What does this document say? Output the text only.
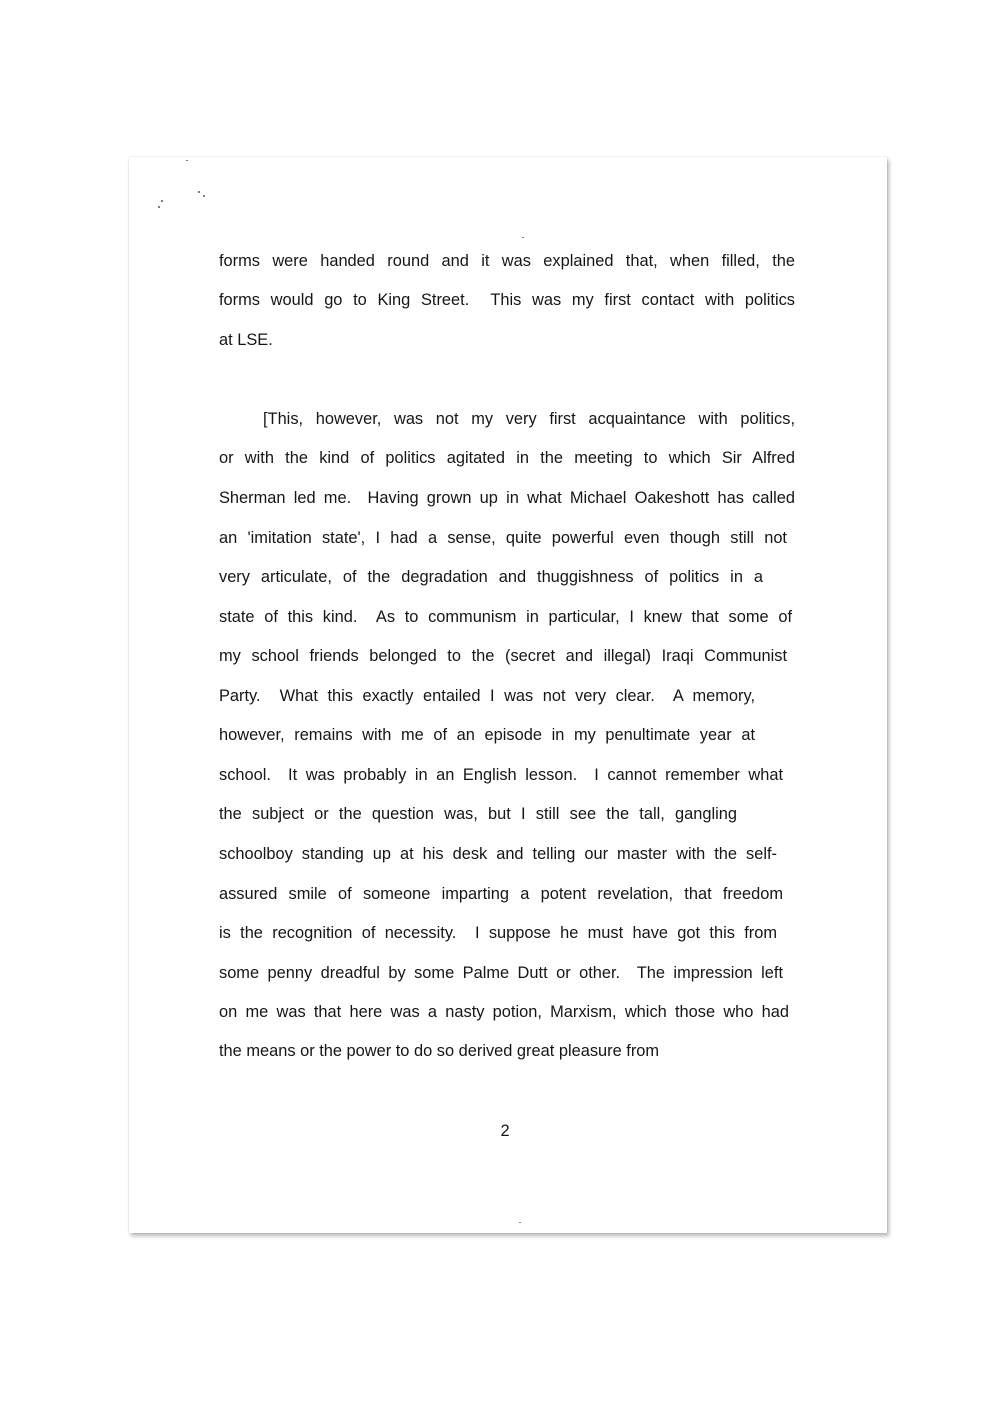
forms were handed round and it was explained that, when filled, the

forms would go to King Street.  This was my first contact with politics

at LSE.

[This, however, was not my very first acquaintance with politics,

or with the kind of politics agitated in the meeting to which Sir Alfred

Sherman led me.  Having grown up in what Michael Oakeshott has called

an 'imitation state', I had a sense, quite powerful even though still not

very articulate, of the degradation and thuggishness of politics in a

state of this kind.  As to communism in particular, I knew that some of

my school friends belonged to the (secret and illegal) Iraqi Communist

Party.  What this exactly entailed I was not very clear.  A memory,

however, remains with me of an episode in my penultimate year at

school.  It was probably in an English lesson.  I cannot remember what

the subject or the question was, but I still see the tall, gangling

schoolboy standing up at his desk and telling our master with the self-

assured smile of someone imparting a potent revelation, that freedom

is the recognition of necessity.  I suppose he must have got this from

some penny dreadful by some Palme Dutt or other.  The impression left

on me was that here was a nasty potion, Marxism, which those who had

the means or the power to do so derived great pleasure from

2
